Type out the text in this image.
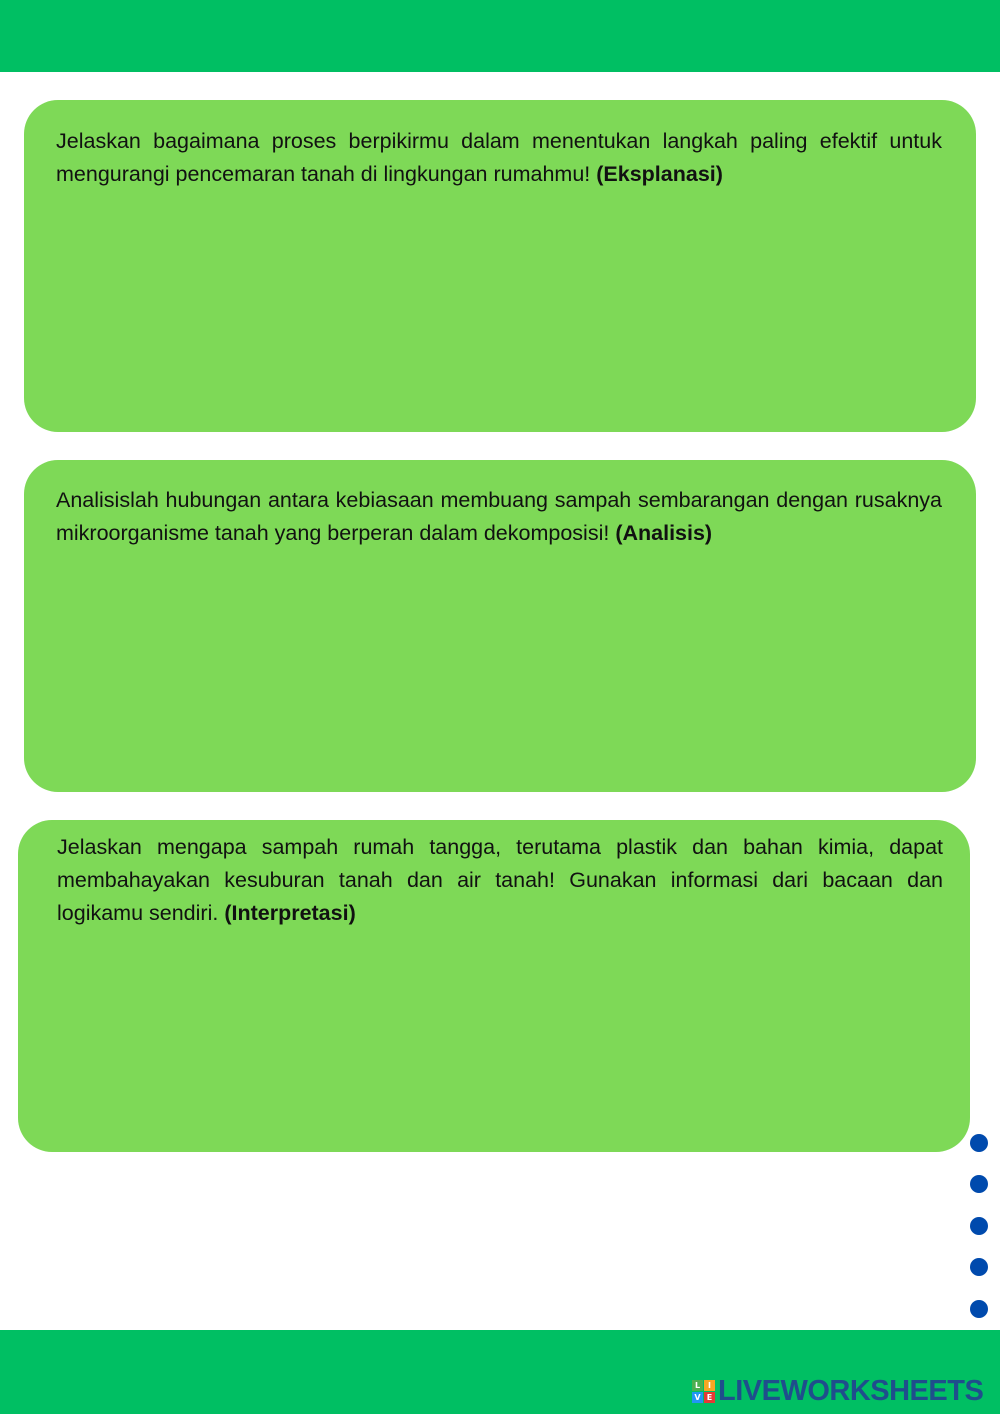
Jelaskan bagaimana proses berpikirmu dalam menentukan langkah paling efektif untuk mengurangi pencemaran tanah di lingkungan rumahmu! (Eksplanasi)

Analisislah hubungan antara kebiasaan membuang sampah sembarangan dengan rusaknya mikroorganisme tanah yang berperan dalam dekomposisi! (Analisis)

Jelaskan mengapa sampah rumah tangga, terutama plastik dan bahan kimia, dapat membahayakan kesuburan tanah dan air tanah! Gunakan informasi dari bacaan dan logikamu sendiri. (Interpretasi)

L I
V E LIVEWORKSHEETS
